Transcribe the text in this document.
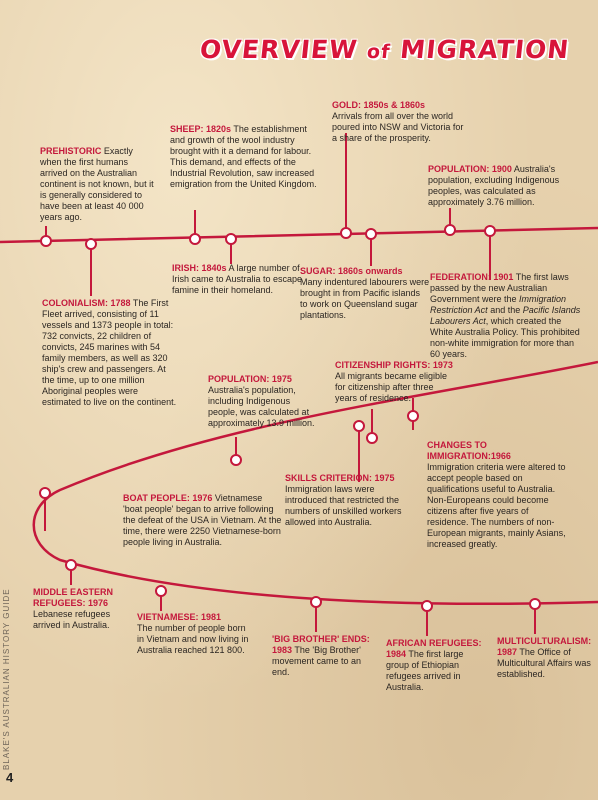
OVERVIEW of MIGRATION
PREHISTORIC Exactly when the first humans arrived on the Australian continent is not known, but it is generally considered to have been at least 40 000 years ago.
SHEEP: 1820s The establishment and growth of the wool industry brought with it a demand for labour. This demand, and effects of the Industrial Revolution, saw increased emigration from the United Kingdom.
GOLD: 1850s & 1860s
Arrivals from all over the world poured into NSW and Victoria for a share of the prosperity.
POPULATION: 1900 Australia's population, excluding Indigenous peoples, was calculated as approximately 3.76 million.
IRISH: 1840s A large number of Irish came to Australia to escape famine in their homeland.
SUGAR: 1860s onwards
Many indentured labourers were brought in from Pacific islands to work on Queensland sugar plantations.
FEDERATION: 1901 The first laws passed by the new Australian Government were the Immigration Restriction Act and the Pacific Islands Labourers Act, which created the White Australia Policy. This prohibited non-white immigration for more than 60 years.
COLONIALISM: 1788 The First Fleet arrived, consisting of 11 vessels and 1373 people in total: 732 convicts, 22 children of convicts, 245 marines with 54 family members, as well as 320 ship's crew and passengers. At the time, up to one million Aboriginal peoples were estimated to live on the continent.
POPULATION: 1975
Australia's population, including Indigenous people, was calculated at approximately 13.9 million.
CITIZENSHIP RIGHTS: 1973 All migrants became eligible for citizenship after three years of residence.
SKILLS CRITERION: 1975
Immigration laws were introduced that restricted the numbers of unskilled workers allowed into Australia.
CHANGES TO IMMIGRATION:1966
Immigration criteria were altered to accept people based on qualifications useful to Australia. Non-Europeans could become citizens after five years of residence. The numbers of non-European migrants, mainly Asians, increased greatly.
BOAT PEOPLE: 1976 Vietnamese 'boat people' began to arrive following the defeat of the USA in Vietnam. At the time, there were 2250 Vietnamese-born people living in Australia.
MIDDLE EASTERN REFUGEES: 1976
Lebanese refugees arrived in Australia.
VIETNAMESE: 1981
The number of people born in Vietnam and now living in Australia reached 121 800.
'BIG BROTHER' ENDS: 1983 The 'Big Brother' movement came to an end.
AFRICAN REFUGEES: 1984 The first large group of Ethiopian refugees arrived in Australia.
MULTICULTURALISM: 1987 The Office of Multicultural Affairs was established.
BLAKE'S AUSTRALIAN HISTORY GUIDE
4
